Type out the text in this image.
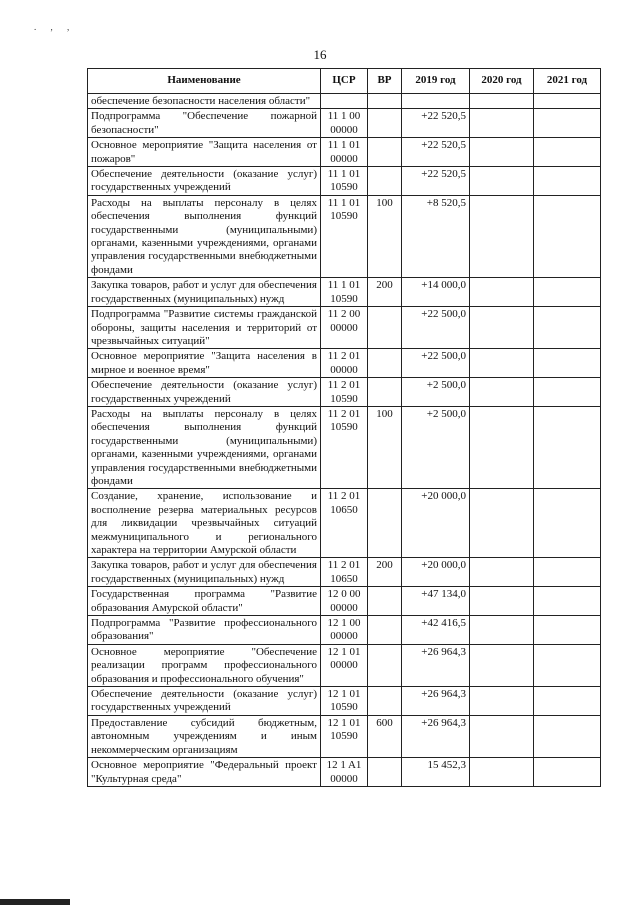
. , ,
16
Наименование	ЦСР	ВР	2019 год	2020 год	2021 год
обеспечение безопасности населения области"					
Подпрограмма "Обеспечение пожарной безопасности"	11 1 00 00000		+22 520,5		
Основное мероприятие "Защита населения от пожаров"	11 1 01 00000		+22 520,5		
Обеспечение деятельности (оказание услуг) государственных учреждений	11 1 01 10590		+22 520,5		
Расходы на выплаты персоналу в целях обеспечения выполнения функций государственными (муниципальными) органами, казенными учреждениями, органами управления государственными внебюджетными фондами	11 1 01 10590	100	+8 520,5		
Закупка товаров, работ и услуг для обеспечения государственных (муниципальных) нужд	11 1 01 10590	200	+14 000,0		
Подпрограмма "Развитие системы гражданской обороны, защиты населения и территорий от чрезвычайных ситуаций"	11 2 00 00000		+22 500,0		
Основное мероприятие "Защита населения в мирное и военное время"	11 2 01 00000		+22 500,0		
Обеспечение деятельности (оказание услуг) государственных учреждений	11 2 01 10590		+2 500,0		
Расходы на выплаты персоналу в целях обеспечения выполнения функций государственными (муниципальными) органами, казенными учреждениями, органами управления государственными внебюджетными фондами	11 2 01 10590	100	+2 500,0		
Создание, хранение, использование и восполнение резерва материальных ресурсов для ликвидации чрезвычайных ситуаций межмуниципального и регионального характера на территории Амурской области	11 2 01 10650		+20 000,0		
Закупка товаров, работ и услуг для обеспечения государственных (муниципальных) нужд	11 2 01 10650	200	+20 000,0		
Государственная программа "Развитие образования Амурской области"	12 0 00 00000		+47 134,0		
Подпрограмма "Развитие профессионального образования"	12 1 00 00000		+42 416,5		
Основное мероприятие "Обеспечение реализации программ профессионального образования и профессионального обучения"	12 1 01 00000		+26 964,3		
Обеспечение деятельности (оказание услуг) государственных учреждений	12 1 01 10590		+26 964,3		
Предоставление субсидий бюджетным, автономным учреждениям и иным некоммерческим организациям	12 1 01 10590	600	+26 964,3		
Основное мероприятие "Федеральный проект "Культурная среда"	12 1 A1 00000		15 452,3		
